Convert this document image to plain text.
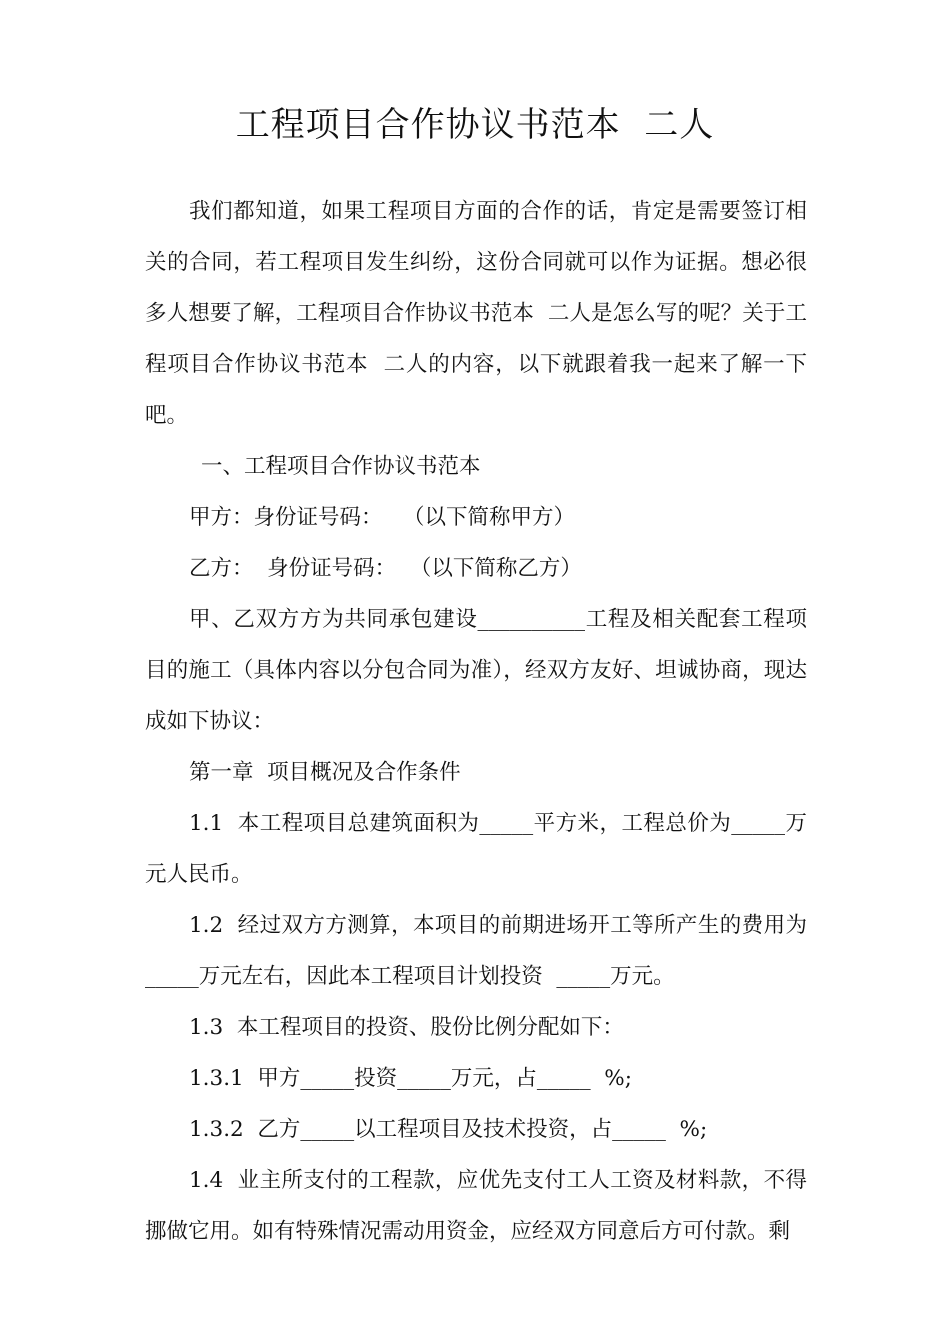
工程项目合作协议书范本  二人

我们都知道，如果工程项目方面的合作的话，肯定是需要签订相关的合同，若工程项目发生纠纷，这份合同就可以作为证据。想必很多人想要了解，工程项目合作协议书范本  二人是怎么写的呢？关于工程项目合作协议书范本  二人的内容，以下就跟着我一起来了解一下吧。

一、工程项目合作协议书范本

甲方：身份证号码：   （以下简称甲方）

乙方：  身份证号码：  （以下简称乙方）

甲、乙双方方为共同承包建设__________工程及相关配套工程项目的施工（具体内容以分包合同为准），经双方友好、坦诚协商，现达成如下协议：

第一章  项目概况及合作条件

1.1  本工程项目总建筑面积为_____平方米，工程总价为_____万元人民币。

1.2  经过双方方测算，本项目的前期进场开工等所产生的费用为_____万元左右，因此本工程项目计划投资  _____万元。

1.3  本工程项目的投资、股份比例分配如下：

1.3.1  甲方_____投资_____万元，占_____  %;

1.3.2  乙方_____以工程项目及技术投资，占_____  %;

1.4  业主所支付的工程款，应优先支付工人工资及材料款，不得挪做它用。如有特殊情况需动用资金，应经双方同意后方可付款。剩
